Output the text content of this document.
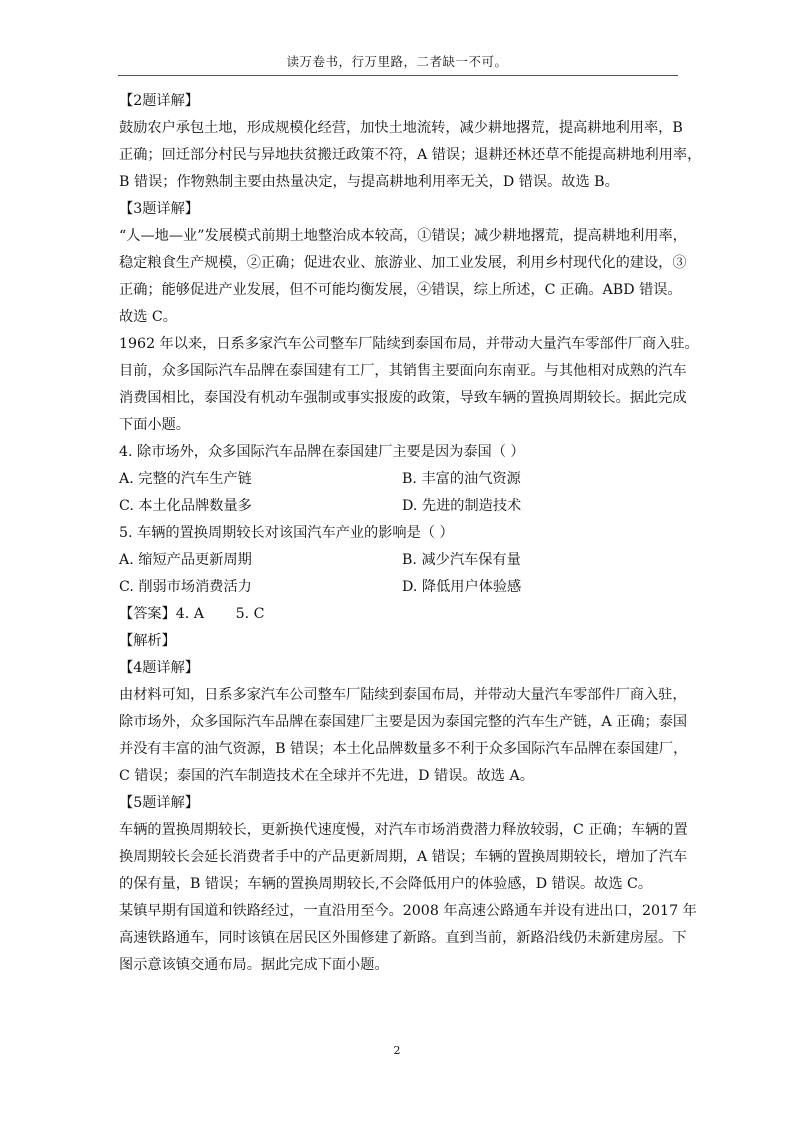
读万卷书，行万里路，二者缺一不可。
【2题详解】
鼓励农户承包土地，形成规模化经营，加快土地流转，减少耕地撂荒，提高耕地利用率，B
正确；回迁部分村民与异地扶贫搬迁政策不符，A 错误；退耕还林还草不能提高耕地利用率，
B 错误；作物熟制主要由热量决定，与提高耕地利用率无关，D 错误。故选 B。
【3题详解】
“人—地—业”发展模式前期土地整治成本较高，①错误；减少耕地撂荒，提高耕地利用率，
稳定粮食生产规模，②正确；促进农业、旅游业、加工业发展，利用乡村现代化的建设，③
正确；能够促进产业发展，但不可能均衡发展，④错误，综上所述，C 正确。ABD 错误。
故选 C。
1962 年以来，日系多家汽车公司整车厂陆续到泰国布局，并带动大量汽车零部件厂商入驻。
目前，众多国际汽车品牌在泰国建有工厂，其销售主要面向东南亚。与其他相对成熟的汽车
消费国相比，泰国没有机动车强制或事实报废的政策，导致车辆的置换周期较长。据此完成
下面小题。
4. 除市场外，众多国际汽车品牌在泰国建厂主要是因为泰国（ ）
A. 完整的汽车生产链	B. 丰富的油气资源
C. 本土化品牌数量多	D. 先进的制造技术
5. 车辆的置换周期较长对该国汽车产业的影响是（ ）
A. 缩短产品更新周期	B. 减少汽车保有量
C. 削弱市场消费活力	D. 降低用户体验感
【答案】4. A       5. C
【解析】
【4题详解】
由材料可知，日系多家汽车公司整车厂陆续到泰国布局，并带动大量汽车零部件厂商入驻，
除市场外，众多国际汽车品牌在泰国建厂主要是因为泰国完整的汽车生产链，A 正确；泰国
并没有丰富的油气资源，B 错误；本土化品牌数量多不利于众多国际汽车品牌在泰国建厂，
C 错误；泰国的汽车制造技术在全球并不先进，D 错误。故选 A。
【5题详解】
车辆的置换周期较长，更新换代速度慢，对汽车市场消费潜力释放较弱，C 正确；车辆的置
换周期较长会延长消费者手中的产品更新周期，A 错误；车辆的置换周期较长，增加了汽车
的保有量，B 错误；车辆的置换周期较长,不会降低用户的体验感，D 错误。故选 C。
某镇早期有国道和铁路经过，一直沿用至今。2008 年高速公路通车并设有进出口，2017 年
高速铁路通车，同时该镇在居民区外围修建了新路。直到当前，新路沿线仍未新建房屋。下
图示意该镇交通布局。据此完成下面小题。
2
